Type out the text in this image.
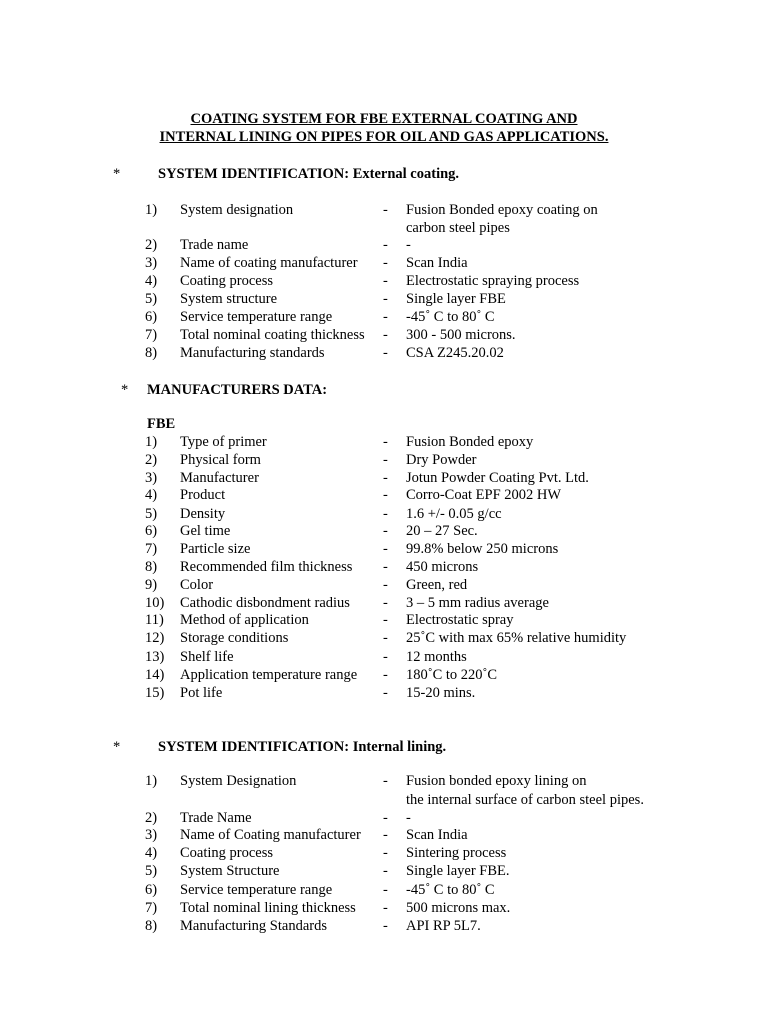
COATING SYSTEM FOR FBE EXTERNAL COATING AND
INTERNAL LINING ON PIPES FOR OIL AND GAS APPLICATIONS.
*	SYSTEM IDENTIFICATION: External coating.
1) System designation	- Fusion Bonded epoxy coating on
carbon steel pipes
2) Trade name	- -
3) Name of coating manufacturer - Scan India
4) Coating process	- Electrostatic spraying process
5) System structure	- Single layer FBE
6) Service temperature range	- -45˚ C to 80˚ C
7) Total nominal coating thickness - 300 - 500 microns.
8) Manufacturing standards	- CSA Z245.20.02
* MANUFACTURERS DATA:
FBE
1) Type of primer	- Fusion Bonded epoxy
2) Physical form	- Dry Powder
3) Manufacturer	- Jotun Powder Coating Pvt. Ltd.
4) Product	- Corro-Coat EPF 2002 HW
5) Density	- 1.6 +/- 0.05 g/cc
6) Gel time	- 20 – 27 Sec.
7) Particle size	- 99.8% below 250 microns
8) Recommended film thickness - 450 microns
9) Color	- Green, red
10) Cathodic disbondment radius - 3 – 5 mm radius average
11) Method of application	- Electrostatic spray
12) Storage conditions	- 25˚C with max 65% relative humidity
13) Shelf life	- 12 months
14) Application temperature range - 180˚C to 220˚C
15) Pot life	- 15-20 mins.
*	SYSTEM IDENTIFICATION: Internal lining.
1) System Designation	- Fusion bonded epoxy lining on
the internal surface of carbon steel pipes.
2) Trade Name	- -
3) Name of Coating manufacturer - Scan India
4) Coating process	- Sintering process
5) System Structure	- Single layer FBE.
6) Service temperature range	- -45˚ C to 80˚ C
7) Total nominal lining thickness - 500 microns max.
8) Manufacturing Standards	- API RP 5L7.
